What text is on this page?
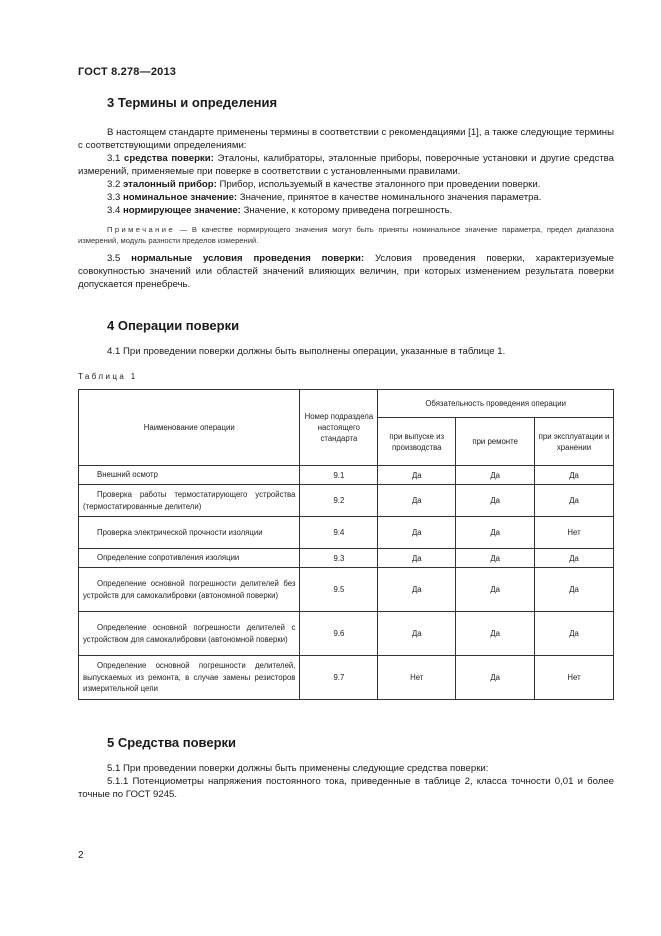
ГОСТ 8.278—2013
3 Термины и определения
В настоящем стандарте применены термины в соответствии с рекомендациями [1], а также следующие термины с соответствующими определениями:
3.1 средства поверки: Эталоны, калибраторы, эталонные приборы, поверочные установки и другие средства измерений, применяемые при поверке в соответствии с установленными правилами.
3.2 эталонный прибор: Прибор, используемый в качестве эталонного при проведении поверки.
3.3 номинальное значение: Значение, принятое в качестве номинального значения параметра.
3.4 нормирующее значение: Значение, к которому приведена погрешность.
Примечание — В качестве нормирующего значения могут быть приняты номинальное значение параметра, предел диапазона измерений, модуль разности пределов измерений.
3.5 нормальные условия проведения поверки: Условия проведения поверки, характеризуемые совокупностью значений или областей значений влияющих величин, при которых изменением результата поверки допускается пренебречь.
4 Операции поверки
4.1 При проведении поверки должны быть выполнены операции, указанные в таблице 1.
Таблица 1
Наименование операции	Номер подраздела настоящего стандарта	Обязательность проведения операции		
		при выпуске из производства	при ремонте	при эксплуатации и хранении
Внешний осмотр	9.1	Да	Да	Да
Проверка работы термостатирующего устройства (термостатированные делители)	9.2	Да	Да	Да
Проверка электрической прочности изоляции	9.4	Да	Да	Нет
Определение сопротивления изоляции	9.3	Да	Да	Да
Определение основной погрешности делителей без устройств для самокалибровки (автономной поверки)	9.5	Да	Да	Да
Определение основной погрешности делителей с устройством для самокалибровки (автономной поверки)	9.6	Да	Да	Да
Определение основной погрешности делителей, выпускаемых из ремонта, в случае замены резисторов измерительной цепи	9.7	Нет	Да	Нет
5 Средства поверки
5.1 При проведении поверки должны быть применены следующие средства поверки:
5.1.1 Потенциометры напряжения постоянного тока, приведенные в таблице 2, класса точности 0,01 и более точные по ГОСТ 9245.
2
